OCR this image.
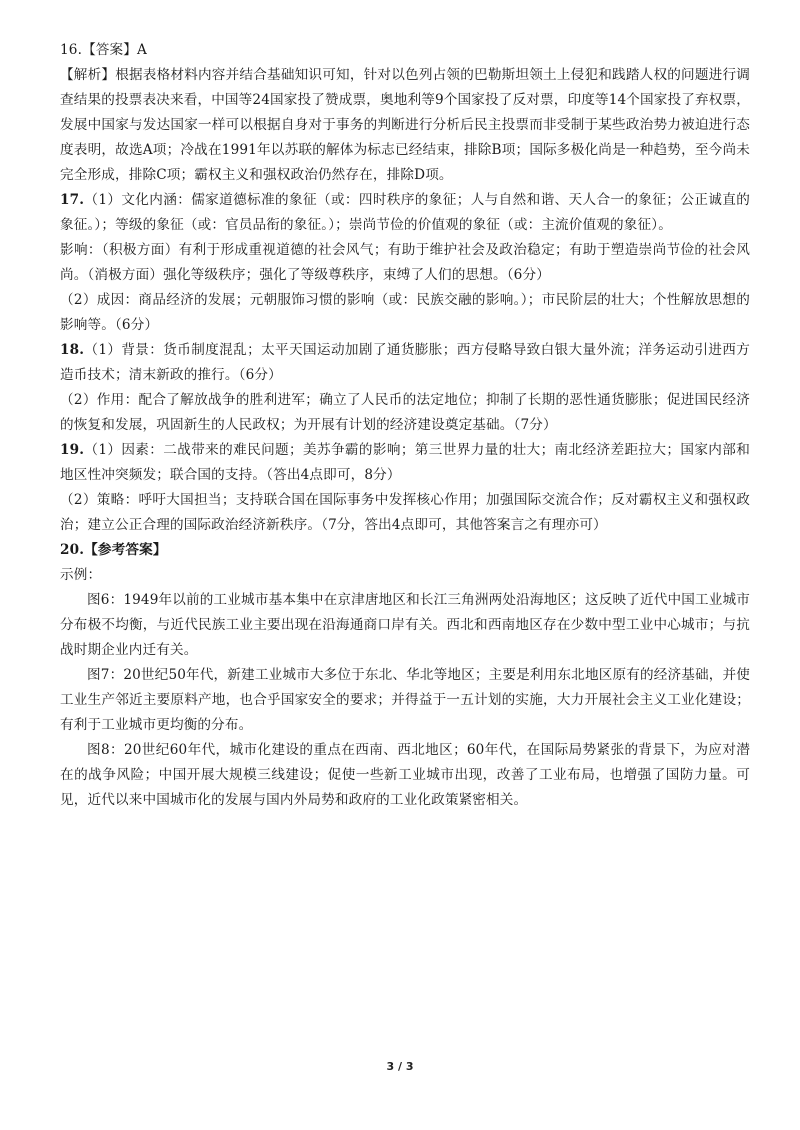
16.【答案】A

【解析】根据表格材料内容并结合基础知识可知，针对以色列占领的巴勒斯坦领土上侵犯和践踏人权的问题进行调查结果的投票表决来看，中国等24国家投了赞成票，奥地利等9个国家投了反对票，印度等14个国家投了弃权票，发展中国家与发达国家一样可以根据自身对于事务的判断进行分析后民主投票而非受制于某些政治势力被迫进行态度表明，故选A项；冷战在1991年以苏联的解体为标志已经结束，排除B项；国际多极化尚是一种趋势，至今尚未完全形成，排除C项；霸权主义和强权政治仍然存在，排除D项。

17.（1）文化内涵：儒家道德标准的象征（或：四时秩序的象征；人与自然和谐、天人合一的象征；公正诚直的象征。）；等级的象征（或：官员品衔的象征。）；崇尚节俭的价值观的象征（或：主流价值观的象征）。

影响：（积极方面）有利于形成重视道德的社会风气；有助于维护社会及政治稳定；有助于塑造崇尚节俭的社会风尚。（消极方面）强化等级秩序；强化了等级尊秩序，束缚了人们的思想。（6分）

（2）成因：商品经济的发展；元朝服饰习惯的影响（或：民族交融的影响。）；市民阶层的壮大；个性解放思想的影响等。（6分）

18.（1）背景：货币制度混乱；太平天国运动加剧了通货膨胀；西方侵略导致白银大量外流；洋务运动引进西方造币技术；清末新政的推行。（6分）

（2）作用：配合了解放战争的胜利进军；确立了人民币的法定地位；抑制了长期的恶性通货膨胀；促进国民经济的恢复和发展，巩固新生的人民政权；为开展有计划的经济建设奠定基础。（7分）

19.（1）因素：二战带来的难民问题；美苏争霸的影响；第三世界力量的壮大；南北经济差距拉大；国家内部和地区性冲突频发；联合国的支持。（答出4点即可，8分）

（2）策略：呼吁大国担当；支持联合国在国际事务中发挥核心作用；加强国际交流合作；反对霸权主义和强权政治；建立公正合理的国际政治经济新秩序。（7分，答出4点即可，其他答案言之有理亦可）

20.【参考答案】

示例：

图6：1949年以前的工业城市基本集中在京津唐地区和长江三角洲两处沿海地区；这反映了近代中国工业城市分布极不均衡，与近代民族工业主要出现在沿海通商口岸有关。西北和西南地区存在少数中型工业中心城市；与抗战时期企业内迁有关。

图7：20世纪50年代，新建工业城市大多位于东北、华北等地区；主要是利用东北地区原有的经济基础，并使工业生产邻近主要原料产地，也合乎国家安全的要求；并得益于一五计划的实施，大力开展社会主义工业化建设；有利于工业城市更均衡的分布。

图8：20世纪60年代，城市化建设的重点在西南、西北地区；60年代，在国际局势紧张的背景下，为应对潜在的战争风险；中国开展大规模三线建设；促使一些新工业城市出现，改善了工业布局，也增强了国防力量。可见，近代以来中国城市化的发展与国内外局势和政府的工业化政策紧密相关。

3 / 3
